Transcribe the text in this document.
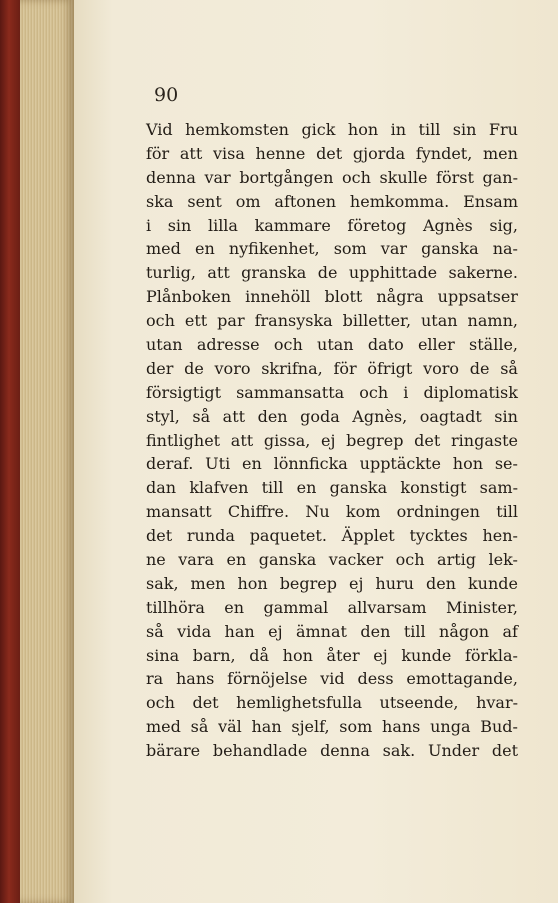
90

Vid hemkomsten gick hon in till sin Fru
för att visa henne det gjorda fyndet, men
denna var bortgången och skulle först gan-
ska sent om aftonen hemkomma. Ensam
i sin lilla kammare företog Agnès sig,
med en nyfikenhet, som var ganska na-
turlig, att granska de upphittade sakerne.
Plånboken innehöll blott några uppsatser
och ett par fransyska billetter, utan namn,
utan adresse och utan dato eller ställe,
der de voro skrifna, för öfrigt voro de så
försigtigt sammansatta och i diplomatisk
styl, så att den goda Agnès, oagtadt sin
fintlighet att gissa, ej begrep det ringaste
deraf. Uti en lönnficka upptäckte hon se-
dan klafven till en ganska konstigt sam-
mansatt Chiffre. Nu kom ordningen till
det runda paquetet. Äpplet tycktes hen-
ne vara en ganska vacker och artig lek-
sak, men hon begrep ej huru den kunde
tillhöra en gammal allvarsam Minister,
så vida han ej ämnat den till någon af
sina barn, då hon åter ej kunde förkla-
ra hans förnöjelse vid dess emottagande,
och det hemlighetsfulla utseende, hvar-
med så väl han sjelf, som hans unga Bud-
bärare behandlade denna sak. Under det
